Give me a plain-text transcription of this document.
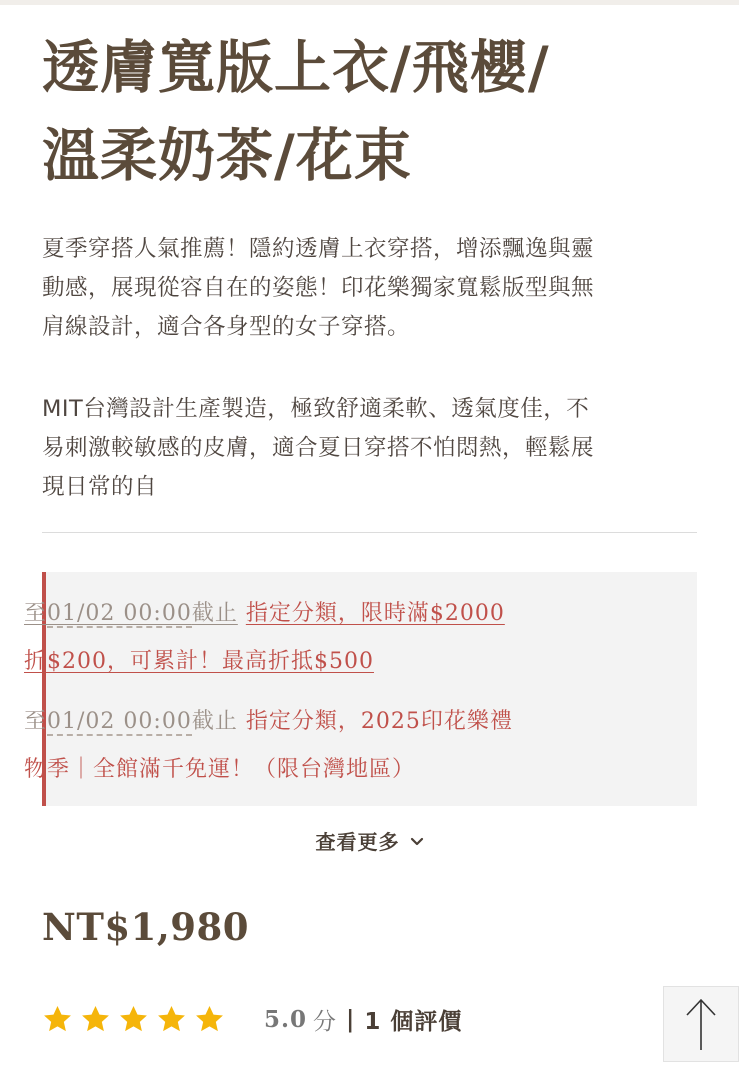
透膚寬版上衣/飛櫻/
溫柔奶茶/花束

夏季穿搭人氣推薦！隱約透膚上衣穿搭，增添飄逸與靈
動感，展現從容自在的姿態！印花樂獨家寬鬆版型與無
肩線設計，適合各身型的女子穿搭。

MIT台灣設計生產製造，極致舒適柔軟、透氣度佳，不
易刺激較敏感的皮膚，適合夏日穿搭不怕悶熱，輕鬆展
現日常的自

至01/02 00:00截止 指定分類，限時滿$2000
折$200，可累計！最高折抵$500

至01/02 00:00截止 指定分類，2025印花樂禮
物季｜全館滿千免運！（限台灣地區）

查看更多
NT$1,980
5.0 分 | 1 個評價
